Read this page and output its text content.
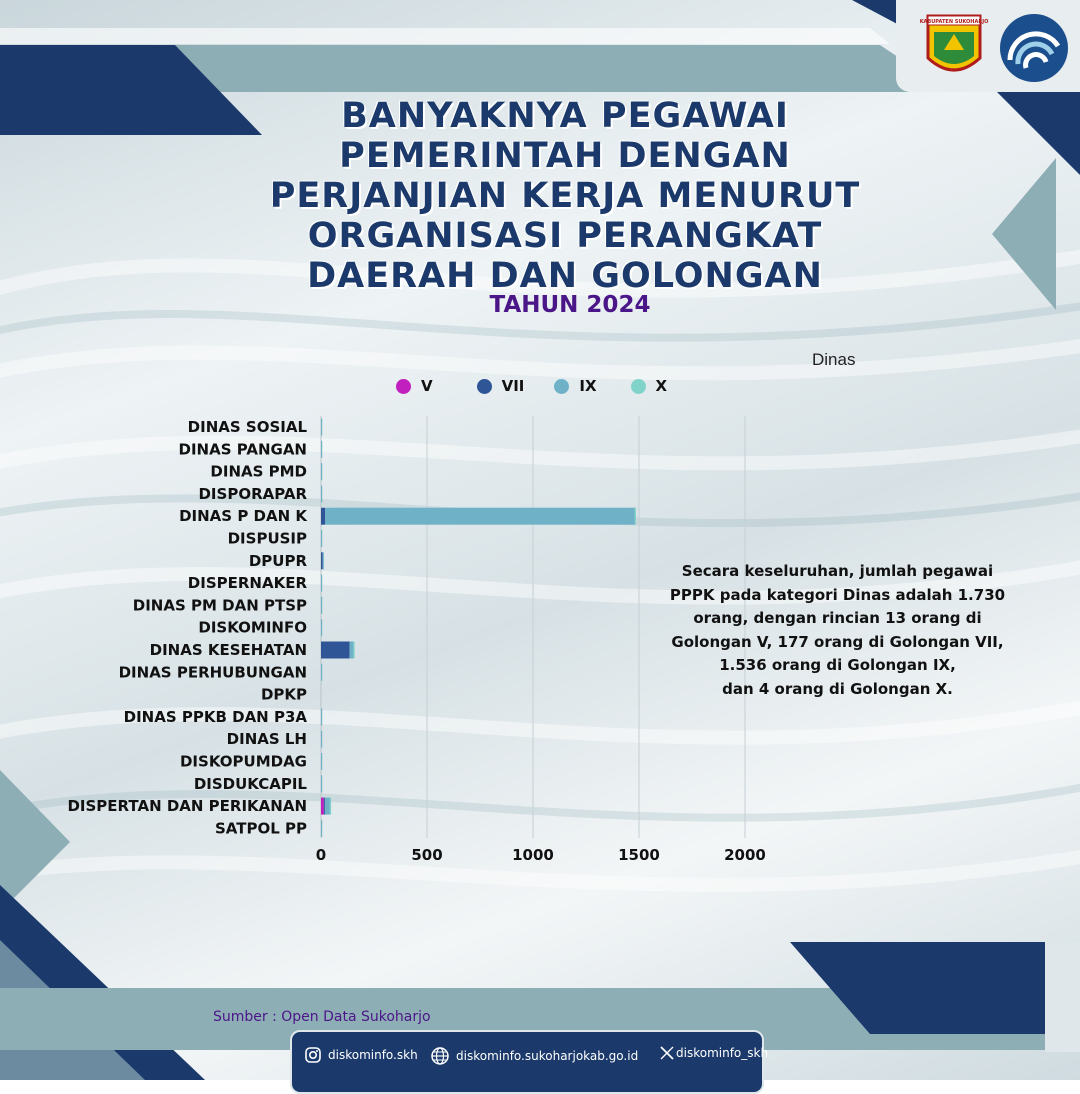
KABUPATEN SUKOHARJO
BANYAKNYA PEGAWAI
PEMERINTAH DENGAN
PERJANJIAN KERJA MENURUT
ORGANISASI PERANGKAT
DAERAH DAN GOLONGAN
TAHUN 2024
Dinas
V	VII	IX	X
DINAS SOSIAL
DINAS PANGAN
DINAS PMD
DISPORAPAR
DINAS P DAN K
DISPUSIP
DPUPR
DISPERNAKER
DINAS PM DAN PTSP
DISKOMINFO
DINAS KESEHATAN
DINAS PERHUBUNGAN
DPKP
DINAS PPKB DAN P3A
DINAS LH
DISKOPUMDAG
DISDUKCAPIL
DISPERTAN DAN PERIKANAN
SATPOL PP
0	500	1000	1500	2000

Secara keseluruhan, jumlah pegawai
PPPK pada kategori Dinas adalah 1.730
orang, dengan rincian 13 orang di
Golongan V, 177 orang di Golongan VII,
1.536 orang di Golongan IX,
dan 4 orang di Golongan X.

Sumber : Open Data Sukoharjo
diskominfo.skh	diskominfo.sukoharjokab.go.id	diskominfo_skh
